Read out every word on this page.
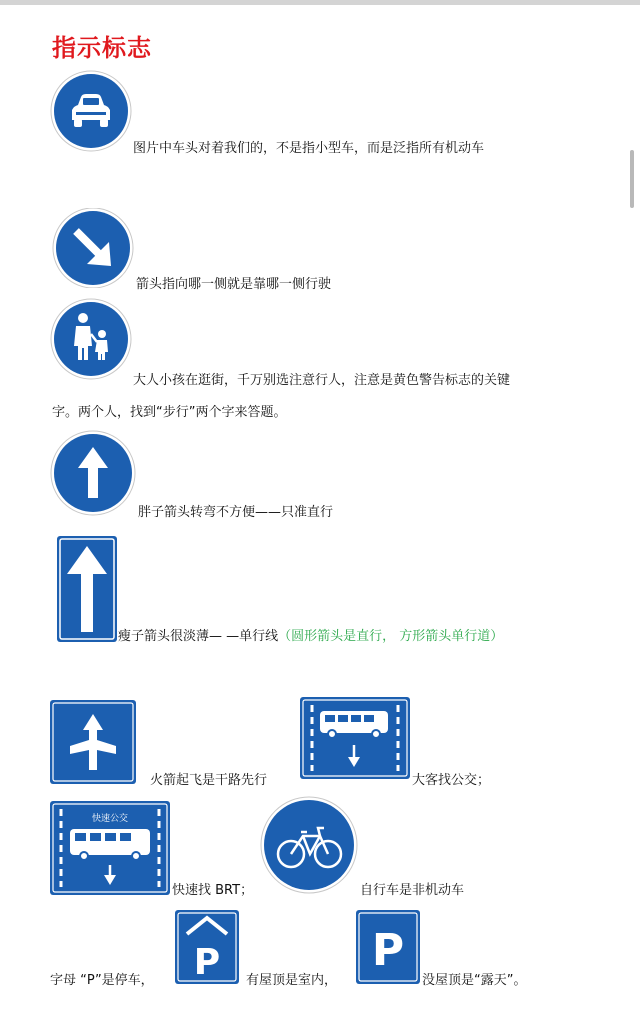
指示标志
图片中车头对着我们的，不是指小型车，而是泛指所有机动车
箭头指向哪一侧就是靠哪一侧行驶
大人小孩在逛街，千万别选注意行人，注意是黄色警告标志的关键
字。两个人，找到“步行”两个字来答题。
胖子箭头转弯不方便——只准直行
瘦子箭头很淡薄— —单行线（圆形箭头是直行， 方形箭头单行道）
火箭起飞是干路先行	大客找公交；
快速公交
快速找 BRT；	自行车是非机动车
字母 “P”是停车， P 有屋顶是室内，
P
没屋顶是“露天”。
